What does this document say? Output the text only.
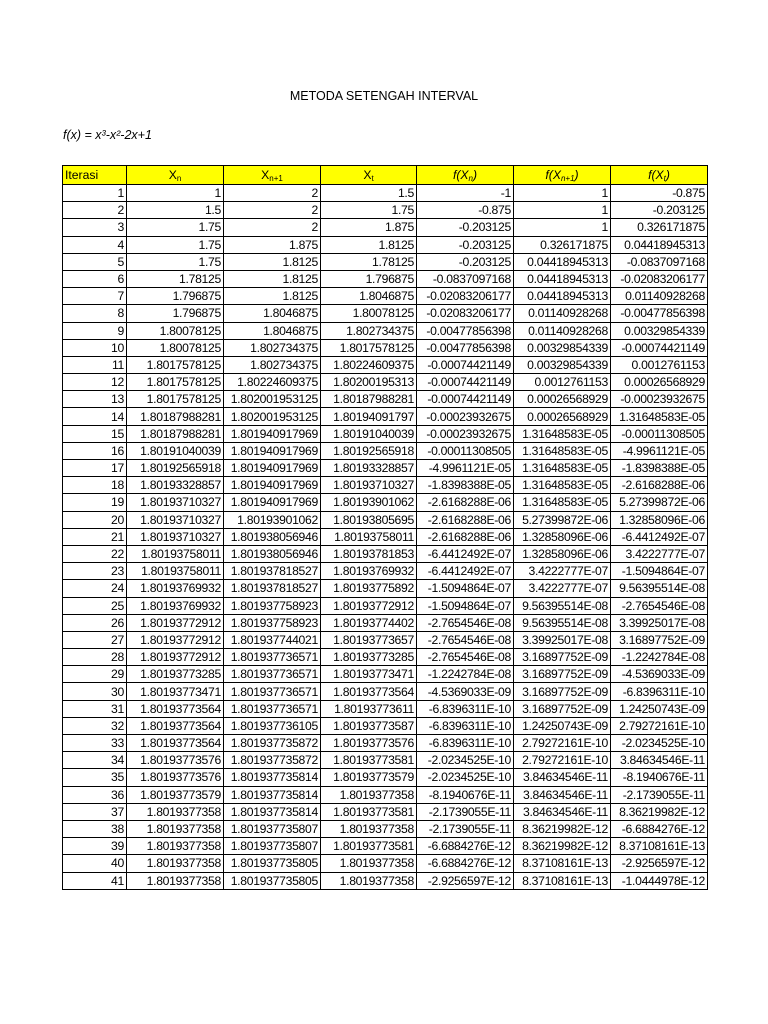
METODA SETENGAH INTERVAL
f(x) = x³-x²-2x+1
Iterasi	$X_n$	$X_{n+1}$	$X_t$	$f(X_n)$	$f(X_{n+1})$	$f(X_t)$
1	1	2	1.5	-1	1	-0.875
2	1.5	2	1.75	-0.875	1	-0.203125
3	1.75	2	1.875	-0.203125	1	0.326171875
4	1.75	1.875	1.8125	-0.203125	0.326171875	0.04418945313
5	1.75	1.8125	1.78125	-0.203125	0.04418945313	-0.0837097168
6	1.78125	1.8125	1.796875	-0.0837097168	0.04418945313	-0.02083206177
7	1.796875	1.8125	1.8046875	-0.02083206177	0.04418945313	0.01140928268
8	1.796875	1.8046875	1.80078125	-0.02083206177	0.01140928268	-0.00477856398
9	1.80078125	1.8046875	1.802734375	-0.00477856398	0.01140928268	0.00329854339
10	1.80078125	1.802734375	1.8017578125	-0.00477856398	0.00329854339	-0.00074421149
11	1.8017578125	1.802734375	1.80224609375	-0.00074421149	0.00329854339	0.0012761153
12	1.8017578125	1.80224609375	1.80200195313	-0.00074421149	0.0012761153	0.00026568929
13	1.8017578125	1.802001953125	1.80187988281	-0.00074421149	0.00026568929	-0.00023932675
14	1.80187988281	1.802001953125	1.80194091797	-0.00023932675	0.00026568929	1.31648583E-05
15	1.80187988281	1.801940917969	1.80191040039	-0.00023932675	1.31648583E-05	-0.00011308505
16	1.80191040039	1.801940917969	1.80192565918	-0.00011308505	1.31648583E-05	-4.9961121E-05
17	1.80192565918	1.801940917969	1.80193328857	-4.9961121E-05	1.31648583E-05	-1.8398388E-05
18	1.80193328857	1.801940917969	1.80193710327	-1.8398388E-05	1.31648583E-05	-2.6168288E-06
19	1.80193710327	1.801940917969	1.80193901062	-2.6168288E-06	1.31648583E-05	5.27399872E-06
20	1.80193710327	1.80193901062	1.80193805695	-2.6168288E-06	5.27399872E-06	1.32858096E-06
21	1.80193710327	1.801938056946	1.80193758011	-2.6168288E-06	1.32858096E-06	-6.4412492E-07
22	1.80193758011	1.801938056946	1.80193781853	-6.4412492E-07	1.32858096E-06	3.4222777E-07
23	1.80193758011	1.801937818527	1.80193769932	-6.4412492E-07	3.4222777E-07	-1.5094864E-07
24	1.80193769932	1.801937818527	1.80193775892	-1.5094864E-07	3.4222777E-07	9.56395514E-08
25	1.80193769932	1.801937758923	1.80193772912	-1.5094864E-07	9.56395514E-08	-2.7654546E-08
26	1.80193772912	1.801937758923	1.80193774402	-2.7654546E-08	9.56395514E-08	3.39925017E-08
27	1.80193772912	1.801937744021	1.80193773657	-2.7654546E-08	3.39925017E-08	3.16897752E-09
28	1.80193772912	1.801937736571	1.80193773285	-2.7654546E-08	3.16897752E-09	-1.2242784E-08
29	1.80193773285	1.801937736571	1.80193773471	-1.2242784E-08	3.16897752E-09	-4.5369033E-09
30	1.80193773471	1.801937736571	1.80193773564	-4.5369033E-09	3.16897752E-09	-6.8396311E-10
31	1.80193773564	1.801937736571	1.80193773611	-6.8396311E-10	3.16897752E-09	1.24250743E-09
32	1.80193773564	1.801937736105	1.80193773587	-6.8396311E-10	1.24250743E-09	2.79272161E-10
33	1.80193773564	1.801937735872	1.80193773576	-6.8396311E-10	2.79272161E-10	-2.0234525E-10
34	1.80193773576	1.801937735872	1.80193773581	-2.0234525E-10	2.79272161E-10	3.84634546E-11
35	1.80193773576	1.801937735814	1.80193773579	-2.0234525E-10	3.84634546E-11	-8.1940676E-11
36	1.80193773579	1.801937735814	1.8019377358	-8.1940676E-11	3.84634546E-11	-2.1739055E-11
37	1.8019377358	1.801937735814	1.80193773581	-2.1739055E-11	3.84634546E-11	8.36219982E-12
38	1.8019377358	1.801937735807	1.8019377358	-2.1739055E-11	8.36219982E-12	-6.6884276E-12
39	1.8019377358	1.801937735807	1.80193773581	-6.6884276E-12	8.36219982E-12	8.37108161E-13
40	1.8019377358	1.801937735805	1.8019377358	-6.6884276E-12	8.37108161E-13	-2.9256597E-12
41	1.8019377358	1.801937735805	1.8019377358	-2.9256597E-12	8.37108161E-13	-1.0444978E-12
